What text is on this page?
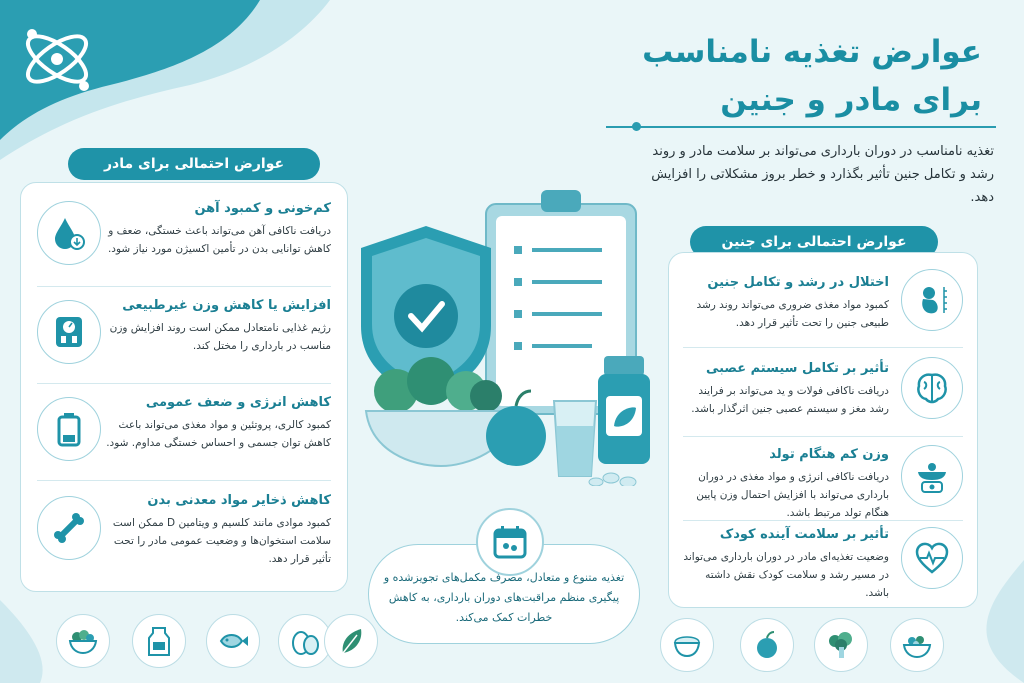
عوارض تغذیه نامناسب
برای مادر و جنین
تغذیه نامناسب در دوران بارداری می‌تواند بر سلامت مادر و روند رشد و تکامل جنین تأثیر بگذارد و خطر بروز مشکلاتی را افزایش دهد.
عوارض احتمالی برای مادر
کم‌خونی و کمبود آهن

دریافت ناکافی آهن می‌تواند باعث خستگی، ضعف و کاهش توانایی بدن در تأمین اکسیژن مورد نیاز شود.

افزایش یا کاهش وزن غیرطبیعی

رژیم غذایی نامتعادل ممکن است روند افزایش وزن مناسب در بارداری را مختل کند.

کاهش انرژی و ضعف عمومی

کمبود کالری، پروتئین و مواد مغذی می‌تواند باعث کاهش توان جسمی و احساس خستگی مداوم. شود.

کاهش ذخایر مواد معدنی بدن

کمبود موادی مانند کلسیم و ویتامین D ممکن است سلامت استخوان‌ها و وضعیت عمومی مادر را تحت تأثیر قرار دهد.

تغذیه متنوع و متعادل، مصرف مکمل‌های تجویزشده و پیگیری منظم مراقبت‌های دوران بارداری، به کاهش خطرات کمک می‌کند.
عوارض احتمالی برای جنین
اختلال در رشد و تکامل جنین

کمبود مواد مغذی ضروری می‌تواند روند رشد طبیعی جنین را تحت تأثیر قرار دهد.

تأثیر بر تکامل سیستم عصبی

دریافت ناکافی فولات و ید می‌تواند بر فرایند رشد مغز و سیستم عصبی جنین اثرگذار باشد.

وزن کم هنگام تولد

دریافت ناکافی انرژی و مواد مغذی در دوران بارداری می‌تواند با افزایش احتمال وزن پایین هنگام تولد مرتبط باشد.

تأثیر بر سلامت آینده کودک

وضعیت تغذیه‌ای مادر در دوران بارداری می‌تواند در مسیر رشد و سلامت کودک نقش داشته باشد.
